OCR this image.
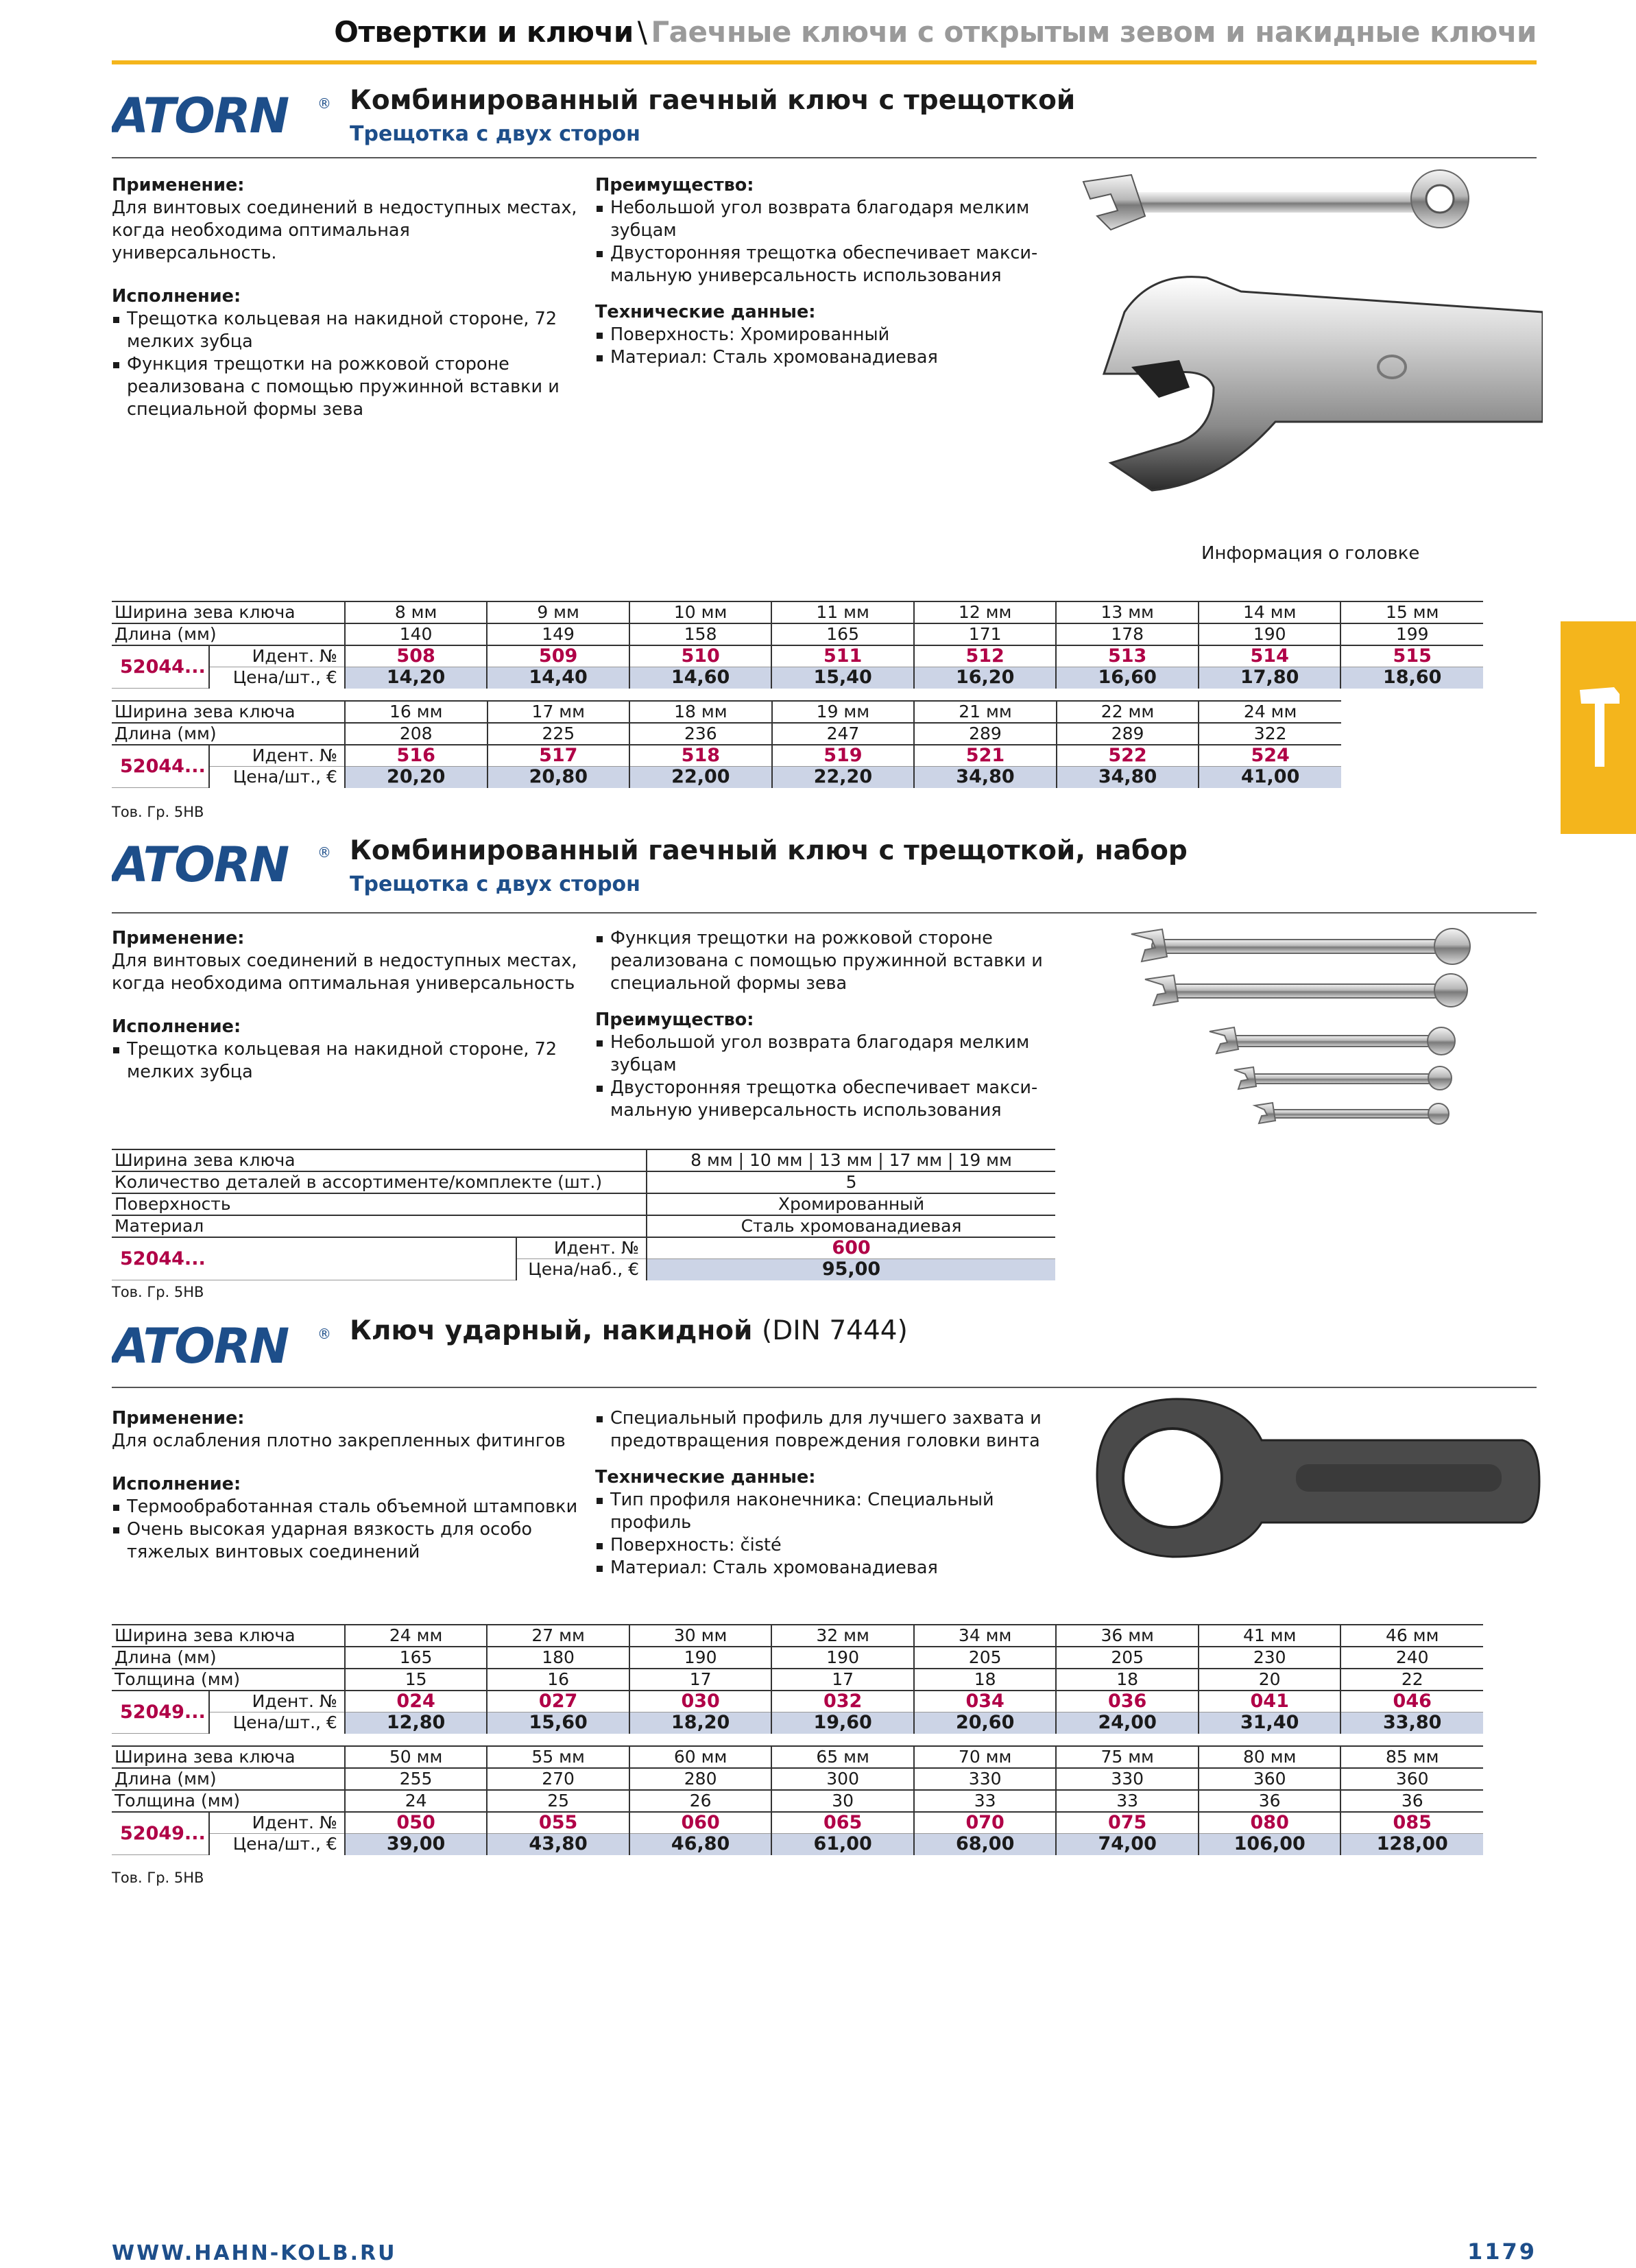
Отвертки и ключи \ Гаечные ключи с открытым зевом и накидные ключи
ATORN ® Комбинированный гаечный ключ с трещоткой
Трещотка с двух сторон
Применение:
Для винтовых соединений в недоступных местах,
когда необходима оптимальная универсальность.
Исполнение:
Трещотка кольцевая на накидной стороне, 72
мелких зубца
Функция трещотки на рожковой стороне
реализована с помощью пружинной вставки и
специальной формы зева
Преимущество:
Небольшой угол возврата благодаря мелким
зубцам
Двусторонняя трещотка обеспечивает макси-
мальную универсальность использования
Технические данные:
Поверхность: Хромированный
Материал: Сталь хромованадиевая
Информация о головке
Ширина зева ключа		8 мм	9 мм	10 мм	11 мм	12 мм	13 мм	14 мм	15 мм
Длина (мм)		140	149	158	165	171	178	190	199
52044...	Идент. №	508	509	510	511	512	513	514	515
	Цена/шт., €	14,20	14,40	14,60	15,40	16,20	16,60	17,80	18,60
Ширина зева ключа		16 мм	17 мм	18 мм	19 мм	21 мм	22 мм	24 мм
Длина (мм)		208	225	236	247	289	289	322
52044...	Идент. №	516	517	518	519	521	522	524
	Цена/шт., €	20,20	20,80	22,00	22,20	34,80	34,80	41,00
Тов. Гр. 5HB
ATORN ® Комбинированный гаечный ключ с трещоткой, набор
Трещотка с двух сторон
Применение:
Для винтовых соединений в недоступных местах,
когда необходима оптимальная универсальность
Исполнение:
Трещотка кольцевая на накидной стороне, 72
мелких зубца
Функция трещотки на рожковой стороне
реализована с помощью пружинной вставки и
специальной формы зева
Преимущество:
Небольшой угол возврата благодаря мелким
зубцам
Двусторонняя трещотка обеспечивает макси-
мальную универсальность использования
Ширина зева ключа		8 мм | 10 мм | 13 мм | 17 мм | 19 мм
Количество деталей в ассортименте/комплекте (шт.)		5
Поверхность		Хромированный
Материал		Сталь хромованадиевая
52044...	Идент. №	600
	Цена/наб., €	95,00
Тов. Гр. 5HB
ATORN ® Ключ ударный, накидной (DIN 7444)
Применение:
Для ослабления плотно закрепленных фитингов
Исполнение:
Термообработанная сталь объемной штамповки
Очень высокая ударная вязкость для особо
тяжелых винтовых соединений
Специальный профиль для лучшего захвата и
предотвращения повреждения головки винта
Технические данные:
Тип профиля наконечника: Специальный
профиль
Поверхность: čisté
Материал: Сталь хромованадиевая
Ширина зева ключа		24 мм	27 мм	30 мм	32 мм	34 мм	36 мм	41 мм	46 мм
Длина (мм)		165	180	190	190	205	205	230	240
Толщина (мм)		15	16	17	17	18	18	20	22
52049...	Идент. №	024	027	030	032	034	036	041	046
	Цена/шт., €	12,80	15,60	18,20	19,60	20,60	24,00	31,40	33,80
Ширина зева ключа		50 мм	55 мм	60 мм	65 мм	70 мм	75 мм	80 мм	85 мм
Длина (мм)		255	270	280	300	330	330	360	360
Толщина (мм)		24	25	26	30	33	33	36	36
52049...	Идент. №	050	055	060	065	070	075	080	085
	Цена/шт., €	39,00	43,80	46,80	61,00	68,00	74,00	106,00	128,00
Тов. Гр. 5HB
WWW.HAHN-KOLB.RU	1179
